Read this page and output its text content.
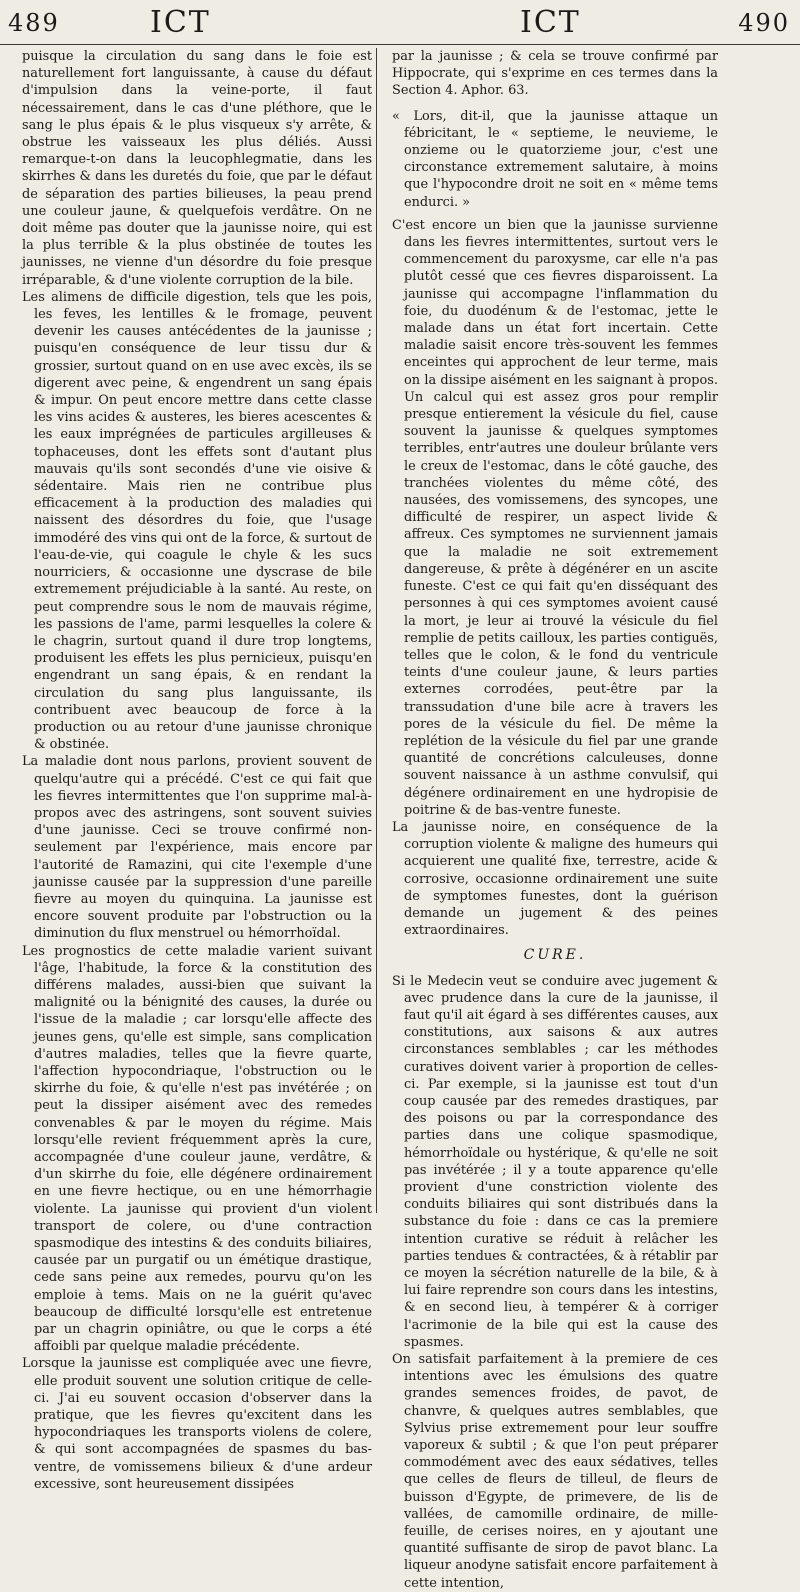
489	ICT	ICT	490

puisque la circulation du sang dans le foie est naturellement fort languissante, à cause du défaut d'impulsion dans la veine-porte, il faut nécessairement, dans le cas d'une pléthore, que le sang le plus épais & le plus visqueux s'y arrête, & obstrue les vaisseaux les plus déliés. Aussi remarque-t-on dans la leucophlegmatie, dans les skirrhes & dans les duretés du foie, que par le défaut de séparation des parties bilieuses, la peau prend une couleur jaune, & quelquefois verdâtre. On ne doit même pas douter que la jaunisse noire, qui est la plus terrible & la plus obstinée de toutes les jaunisses, ne vienne d'un désordre du foie presque irréparable, & d'une violente corruption de la bile.

Les alimens de difficile digestion, tels que les pois, les feves, les lentilles & le fromage, peuvent devenir les causes antécédentes de la jaunisse ; puisqu'en conséquence de leur tissu dur & grossier, surtout quand on en use avec excès, ils se digerent avec peine, & engendrent un sang épais & impur. On peut encore mettre dans cette classe les vins acides & austeres, les bieres acescentes & les eaux imprégnées de particules argilleuses & tophaceuses, dont les effets sont d'autant plus mauvais qu'ils sont secondés d'une vie oisive & sédentaire. Mais rien ne contribue plus efficacement à la production des maladies qui naissent des désordres du foie, que l'usage immodéré des vins qui ont de la force, & surtout de l'eau-de-vie, qui coagule le chyle & les sucs nourriciers, & occasionne une dyscrase de bile extremement préjudiciable à la santé. Au reste, on peut comprendre sous le nom de mauvais régime, les passions de l'ame, parmi lesquelles la colere & le chagrin, surtout quand il dure trop longtems, produisent les effets les plus pernicieux, puisqu'en engendrant un sang épais, & en rendant la circulation du sang plus languissante, ils contribuent avec beaucoup de force à la production ou au retour d'une jaunisse chronique & obstinée.

La maladie dont nous parlons, provient souvent de quelqu'autre qui a précédé. C'est ce qui fait que les fievres intermittentes que l'on supprime mal-à-propos avec des astringens, sont souvent suivies d'une jaunisse. Ceci se trouve confirmé non-seulement par l'expérience, mais encore par l'autorité de Ramazini, qui cite l'exemple d'une jaunisse causée par la suppression d'une pareille fievre au moyen du quinquina. La jaunisse est encore souvent produite par l'obstruction ou la diminution du flux menstruel ou hémorrhoïdal.

Les prognostics de cette maladie varient suivant l'âge, l'habitude, la force & la constitution des différens malades, aussi-bien que suivant la malignité ou la bénignité des causes, la durée ou l'issue de la maladie ; car lorsqu'elle affecte des jeunes gens, qu'elle est simple, sans complication d'autres maladies, telles que la fievre quarte, l'affection hypocondriaque, l'obstruction ou le skirrhe du foie, & qu'elle n'est pas invétérée ; on peut la dissiper aisément avec des remedes convenables & par le moyen du régime. Mais lorsqu'elle revient fréquemment après la cure, accompagnée d'une couleur jaune, verdâtre, & d'un skirrhe du foie, elle dégénere ordinairement en une fievre hectique, ou en une hémorrhagie violente. La jaunisse qui provient d'un violent transport de colere, ou d'une contraction spasmodique des intestins & des conduits biliaires, causée par un purgatif ou un émétique drastique, cede sans peine aux remedes, pourvu qu'on les emploie à tems. Mais on ne la guérit qu'avec beaucoup de difficulté lorsqu'elle est entretenue par un chagrin opiniâtre, ou que le corps a été affoibli par quelque maladie précédente.

Lorsque la jaunisse est compliquée avec une fievre, elle produit souvent une solution critique de celle-ci. J'ai eu souvent occasion d'observer dans la pratique, que les fievres qu'excitent dans les hypocondriaques les transports violens de colere, & qui sont accompagnées de spasmes du bas-ventre, de vomissemens bilieux & d'une ardeur excessive, sont heureusement dissipées

par la jaunisse ; & cela se trouve confirmé par Hippocrate, qui s'exprime en ces termes dans la Section 4. Aphor. 63.

« Lors, dit-il, que la jaunisse attaque un fébricitant, le « septieme, le neuvieme, le onzieme ou le quatorzieme jour, c'est une circonstance extremement salutaire, à moins que l'hypocondre droit ne soit en « même tems endurci. »

C'est encore un bien que la jaunisse survienne dans les fievres intermittentes, surtout vers le commencement du paroxysme, car elle n'a pas plutôt cessé que ces fievres disparoissent. La jaunisse qui accompagne l'inflammation du foie, du duodénum & de l'estomac, jette le malade dans un état fort incertain. Cette maladie saisit encore très-souvent les femmes enceintes qui approchent de leur terme, mais on la dissipe aisément en les saignant à propos. Un calcul qui est assez gros pour remplir presque entierement la vésicule du fiel, cause souvent la jaunisse & quelques symptomes terribles, entr'autres une douleur brûlante vers le creux de l'estomac, dans le côté gauche, des tranchées violentes du même côté, des nausées, des vomissemens, des syncopes, une difficulté de respirer, un aspect livide & affreux. Ces symptomes ne surviennent jamais que la maladie ne soit extremement dangereuse, & prête à dégénérer en un ascite funeste. C'est ce qui fait qu'en disséquant des personnes à qui ces symptomes avoient causé la mort, je leur ai trouvé la vésicule du fiel remplie de petits cailloux, les parties contiguës, telles que le colon, & le fond du ventricule teints d'une couleur jaune, & leurs parties externes corrodées, peut-être par la transsudation d'une bile acre à travers les pores de la vésicule du fiel. De même la replétion de la vésicule du fiel par une grande quantité de concrétions calculeuses, donne souvent naissance à un asthme convulsif, qui dégénere ordinairement en une hydropisie de poitrine & de bas-ventre funeste.

La jaunisse noire, en conséquence de la corruption violente & maligne des humeurs qui acquierent une qualité fixe, terrestre, acide & corrosive, occasionne ordinairement une suite de symptomes funestes, dont la guérison demande un jugement & des peines extraordinaires.

CURE.

Si le Medecin veut se conduire avec jugement & avec prudence dans la cure de la jaunisse, il faut qu'il ait égard à ses différentes causes, aux constitutions, aux saisons & aux autres circonstances semblables ; car les méthodes curatives doivent varier à proportion de celles-ci. Par exemple, si la jaunisse est tout d'un coup causée par des remedes drastiques, par des poisons ou par la correspondance des parties dans une colique spasmodique, hémorrhoïdale ou hystérique, & qu'elle ne soit pas invétérée ; il y a toute apparence qu'elle provient d'une constriction violente des conduits biliaires qui sont distribués dans la substance du foie : dans ce cas la premiere intention curative se réduit à relâcher les parties tendues & contractées, & à rétablir par ce moyen la sécrétion naturelle de la bile, & à lui faire reprendre son cours dans les intestins, & en second lieu, à tempérer & à corriger l'acrimonie de la bile qui est la cause des spasmes.

On satisfait parfaitement à la premiere de ces intentions avec les émulsions des quatre grandes semences froides, de pavot, de chanvre, & quelques autres semblables, que Sylvius prise extremement pour leur souffre vaporeux & subtil ; & que l'on peut préparer commodément avec des eaux sédatives, telles que celles de fleurs de tilleul, de fleurs de buisson d'Egypte, de primevere, de lis de vallées, de camomille ordinaire, de mille-feuille, de cerises noires, en y ajoutant une quantité suffisante de sirop de pavot blanc. La liqueur anodyne satisfait encore parfaitement à cette intention,
